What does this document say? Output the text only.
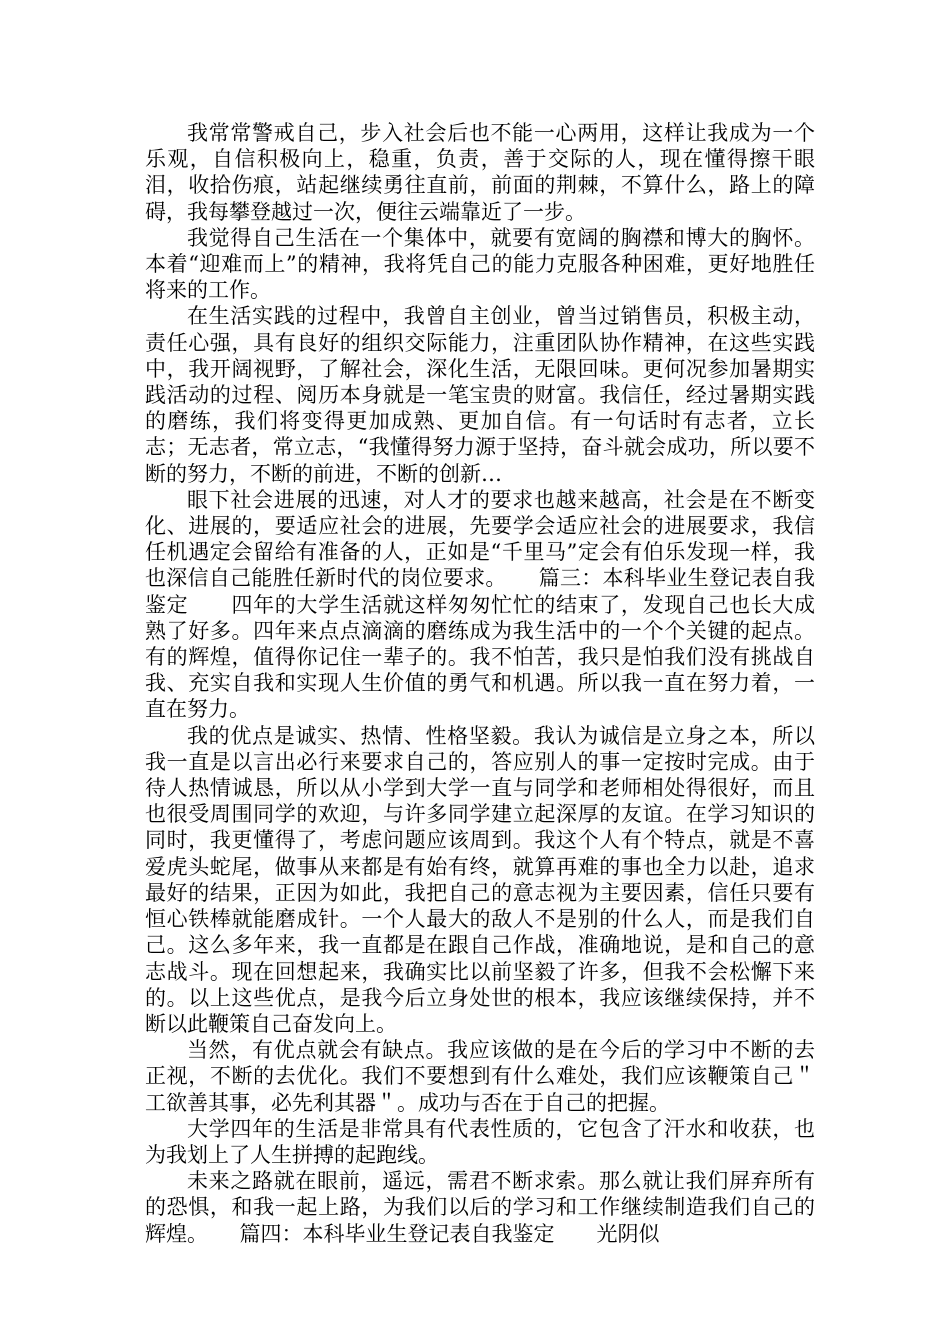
我常常警戒自己，步入社会后也不能一心两用，这样让我成为一个乐观，自信积极向上，稳重，负责，善于交际的人，现在懂得擦干眼泪，收拾伤痕，站起继续勇往直前，前面的荆棘，不算什么，路上的障碍，我每攀登越过一次，便往云端靠近了一步。

我觉得自己生活在一个集体中，就要有宽阔的胸襟和博大的胸怀。本着“迎难而上”的精神，我将凭自己的能力克服各种困难，更好地胜任将来的工作。

在生活实践的过程中，我曾自主创业，曾当过销售员，积极主动，责任心强，具有良好的组织交际能力，注重团队协作精神，在这些实践中，我开阔视野，了解社会，深化生活，无限回味。更何况参加暑期实践活动的过程、阅历本身就是一笔宝贵的财富。我信任，经过暑期实践的磨练，我们将变得更加成熟、更加自信。有一句话时有志者，立长志；无志者，常立志，“我懂得努力源于坚持，奋斗就会成功，所以要不断的努力，不断的前进，不断的创新…

眼下社会进展的迅速，对人才的要求也越来越高，社会是在不断变化、进展的，要适应社会的进展，先要学会适应社会的进展要求，我信任机遇定会留给有准备的人，正如是“千里马”定会有伯乐发现一样，我也深信自己能胜任新时代的岗位要求。　　篇三：本科毕业生登记表自我鉴定　　四年的大学生活就这样匆匆忙忙的结束了，发现自己也长大成熟了好多。四年来点点滴滴的磨练成为我生活中的一个个关键的起点。有的辉煌，值得你记住一辈子的。我不怕苦，我只是怕我们没有挑战自我、充实自我和实现人生价值的勇气和机遇。所以我一直在努力着，一直在努力。

我的优点是诚实、热情、性格坚毅。我认为诚信是立身之本，所以我一直是以言出必行来要求自己的，答应别人的事一定按时完成。由于待人热情诚恳，所以从小学到大学一直与同学和老师相处得很好，而且也很受周围同学的欢迎，与许多同学建立起深厚的友谊。在学习知识的同时，我更懂得了，考虑问题应该周到。我这个人有个特点，就是不喜爱虎头蛇尾，做事从来都是有始有终，就算再难的事也全力以赴，追求最好的结果，正因为如此，我把自己的意志视为主要因素，信任只要有恒心铁棒就能磨成针。一个人最大的敌人不是别的什么人，而是我们自己。这么多年来，我一直都是在跟自己作战，准确地说，是和自己的意志战斗。现在回想起来，我确实比以前坚毅了许多，但我不会松懈下来的。以上这些优点，是我今后立身处世的根本，我应该继续保持，并不断以此鞭策自己奋发向上。

当然，有优点就会有缺点。我应该做的是在今后的学习中不断的去正视，不断的去优化。我们不要想到有什么难处，我们应该鞭策自己＂工欲善其事，必先利其器＂。成功与否在于自己的把握。

大学四年的生活是非常具有代表性质的，它包含了汗水和收获，也为我划上了人生拼搏的起跑线。

未来之路就在眼前，遥远，需君不断求索。那么就让我们屏弃所有的恐惧，和我一起上路，为我们以后的学习和工作继续制造我们自己的辉煌。　　篇四：本科毕业生登记表自我鉴定　　光阴似
